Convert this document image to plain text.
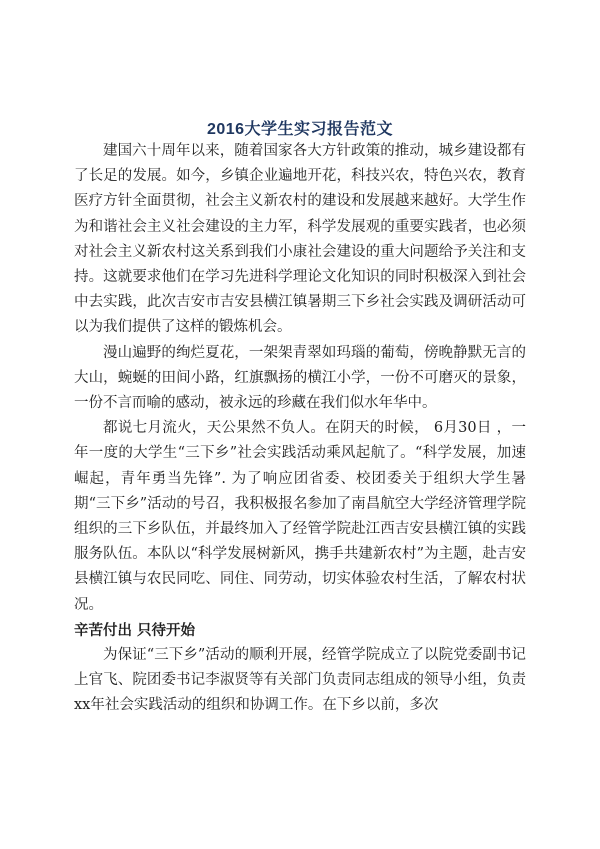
2016大学生实习报告范文

建国六十周年以来，随着国家各大方针政策的推动，城乡建设都有了长足的发展。如今，乡镇企业遍地开花，科技兴农，特色兴农，教育医疗方针全面贯彻，社会主义新农村的建设和发展越来越好。大学生作为和谐社会主义社会建设的主力军，科学发展观的重要实践者，也必须对社会主义新农村这关系到我们小康社会建设的重大问题给予关注和支持。这就要求他们在学习先进科学理论文化知识的同时积极深入到社会中去实践，此次吉安市吉安县横江镇暑期三下乡社会实践及调研活动可以为我们提供了这样的锻炼机会。

漫山遍野的绚烂夏花，一架架青翠如玛瑙的葡萄，傍晚静默无言的大山，蜿蜒的田间小路，红旗飘扬的横江小学，一份不可磨灭的景象，一份不言而喻的感动，被永远的珍藏在我们似水年华中。

都说七月流火，天公果然不负人。在阴天的时候， 6月30日 ，一年一度的大学生“三下乡”社会实践活动乘风起航了。“科学发展，加速崛起，青年勇当先锋”. 为了响应团省委、校团委关于组织大学生暑期“三下乡”活动的号召，我积极报名参加了南昌航空大学经济管理学院组织的三下乡队伍，并最终加入了经管学院赴江西吉安县横江镇的实践服务队伍。本队以“科学发展树新风，携手共建新农村”为主题，赴吉安县横江镇与农民同吃、同住、同劳动，切实体验农村生活，了解农村状况。

辛苦付出 只待开始

为保证“三下乡”活动的顺利开展，经管学院成立了以院党委副书记上官飞、院团委书记李淑贤等有关部门负责同志组成的领导小组，负责xx年社会实践活动的组织和协调工作。在下乡以前，多次
